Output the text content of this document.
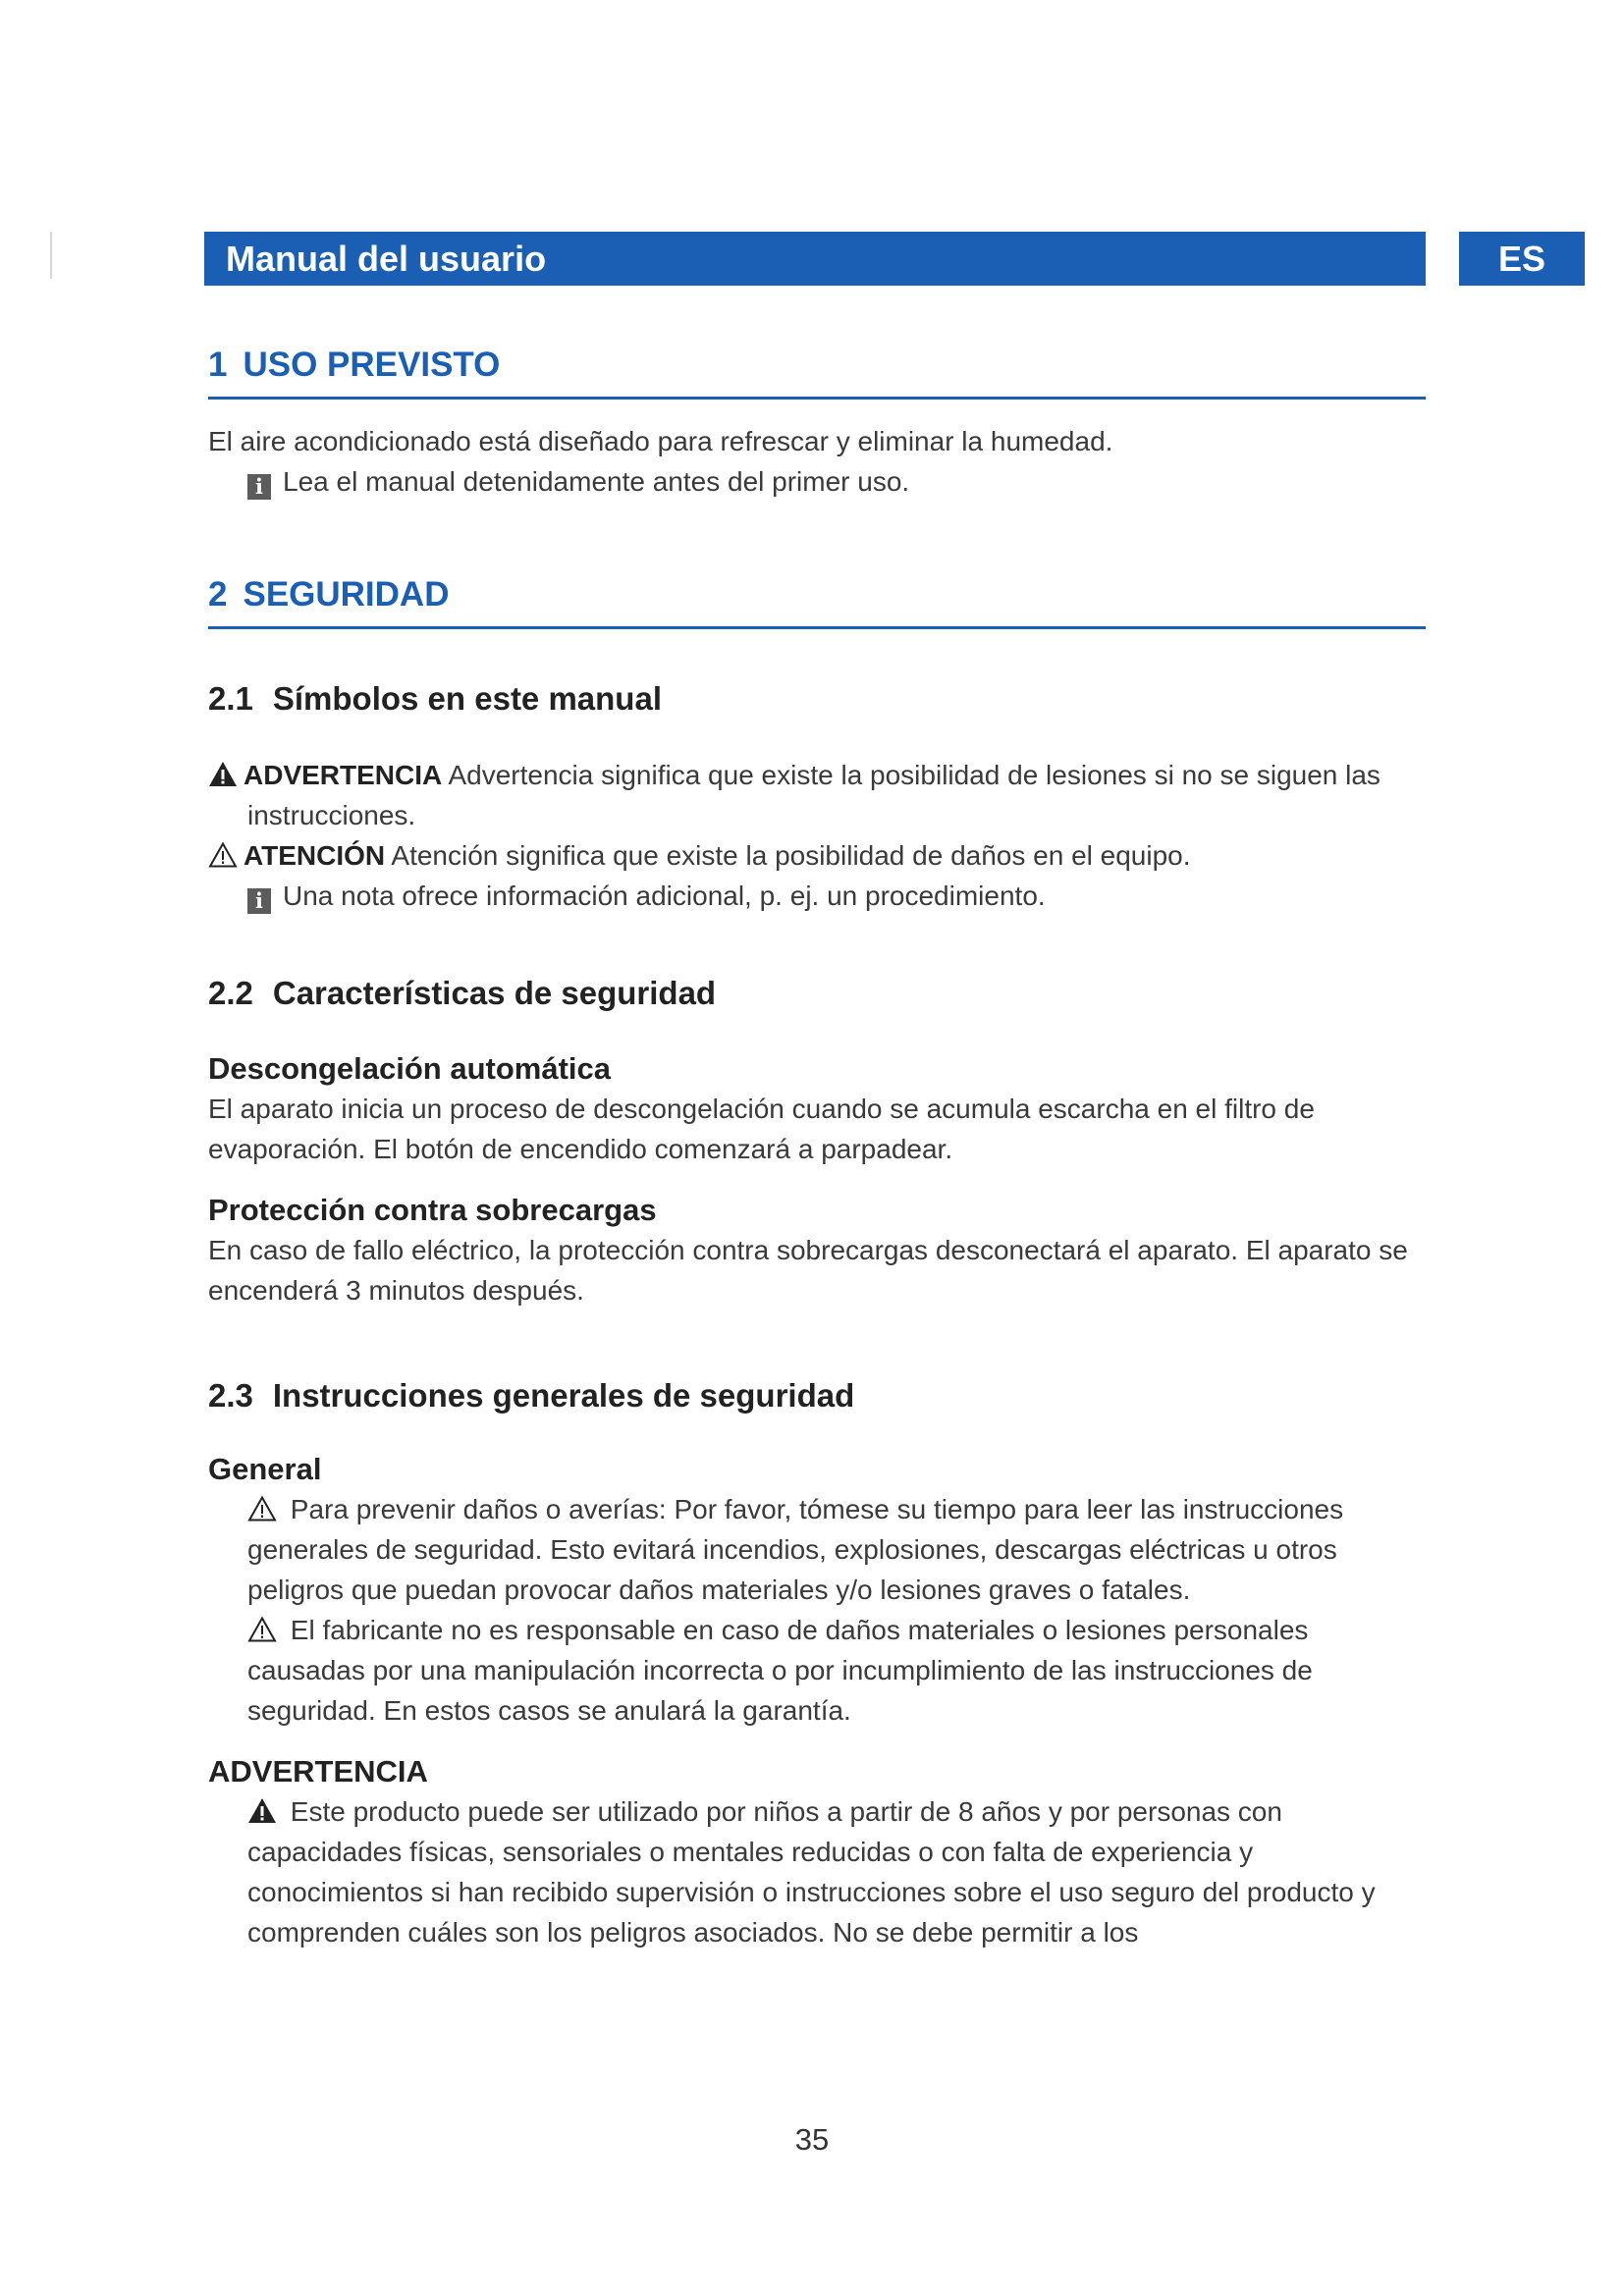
Manual del usuario	ES
1 USO PREVISTO
El aire acondicionado está diseñado para refrescar y eliminar la humedad.
i Lea el manual detenidamente antes del primer uso.
2 SEGURIDAD
2.1 Símbolos en este manual
ADVERTENCIA Advertencia significa que existe la posibilidad de lesiones si no se siguen las instrucciones.
ATENCIÓN Atención significa que existe la posibilidad de daños en el equipo.
i Una nota ofrece información adicional, p. ej. un procedimiento.
2.2 Características de seguridad
Descongelación automática
El aparato inicia un proceso de descongelación cuando se acumula escarcha en el filtro de evaporación. El botón de encendido comenzará a parpadear.
Protección contra sobrecargas
En caso de fallo eléctrico, la protección contra sobrecargas desconectará el aparato. El aparato se encenderá 3 minutos después.
2.3 Instrucciones generales de seguridad
General
Para prevenir daños o averías: Por favor, tómese su tiempo para leer las instrucciones generales de seguridad. Esto evitará incendios, explosiones, descargas eléctricas u otros peligros que puedan provocar daños materiales y/o lesiones graves o fatales.
El fabricante no es responsable en caso de daños materiales o lesiones personales causadas por una manipulación incorrecta o por incumplimiento de las instrucciones de seguridad. En estos casos se anulará la garantía.
ADVERTENCIA
Este producto puede ser utilizado por niños a partir de 8 años y por personas con capacidades físicas, sensoriales o mentales reducidas o con falta de experiencia y conocimientos si han recibido supervisión o instrucciones sobre el uso seguro del producto y comprenden cuáles son los peligros asociados. No se debe permitir a los
35
